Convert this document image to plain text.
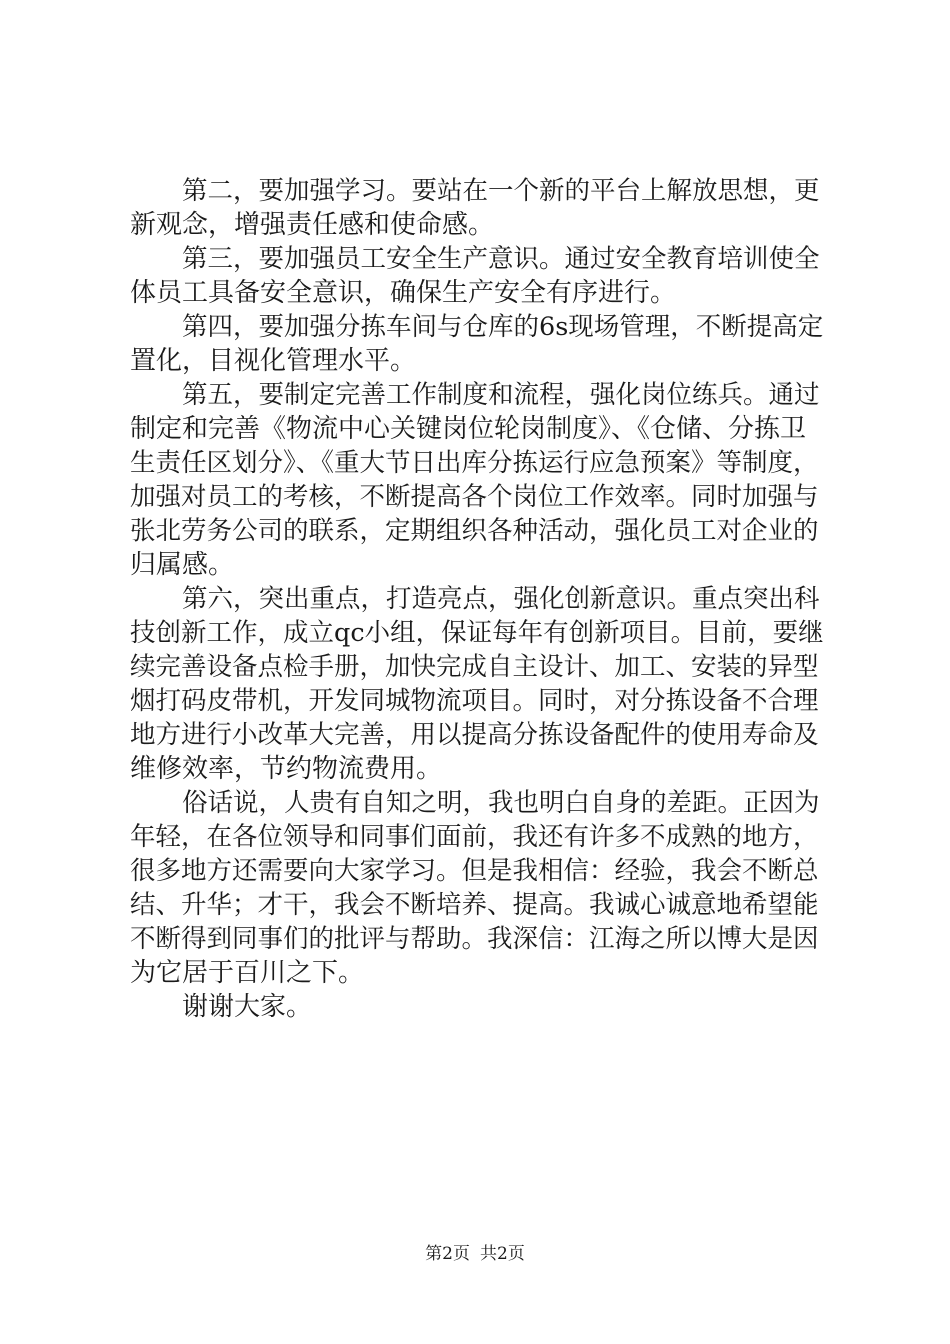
第二，要加强学习。要站在一个新的平台上解放思想，更
新观念，增强责任感和使命感。
第三，要加强员工安全生产意识。通过安全教育培训使全
体员工具备安全意识，确保生产安全有序进行。
第四，要加强分拣车间与仓库的6s现场管理，不断提高定
置化，目视化管理水平。
第五，要制定完善工作制度和流程，强化岗位练兵。通过
制定和完善《物流中心关键岗位轮岗制度》、《仓储、分拣卫
生责任区划分》、《重大节日出库分拣运行应急预案》等制度，
加强对员工的考核，不断提高各个岗位工作效率。同时加强与
张北劳务公司的联系，定期组织各种活动，强化员工对企业的
归属感。
第六，突出重点，打造亮点，强化创新意识。重点突出科
技创新工作，成立qc小组，保证每年有创新项目。目前，要继
续完善设备点检手册，加快完成自主设计、加工、安装的异型
烟打码皮带机，开发同城物流项目。同时，对分拣设备不合理
地方进行小改革大完善，用以提高分拣设备配件的使用寿命及
维修效率，节约物流费用。
俗话说，人贵有自知之明，我也明白自身的差距。正因为
年轻，在各位领导和同事们面前，我还有许多不成熟的地方，
很多地方还需要向大家学习。但是我相信：经验，我会不断总
结、升华；才干，我会不断培养、提高。我诚心诚意地希望能
不断得到同事们的批评与帮助。我深信：江海之所以博大是因
为它居于百川之下。
谢谢大家。
第2页 共2页
